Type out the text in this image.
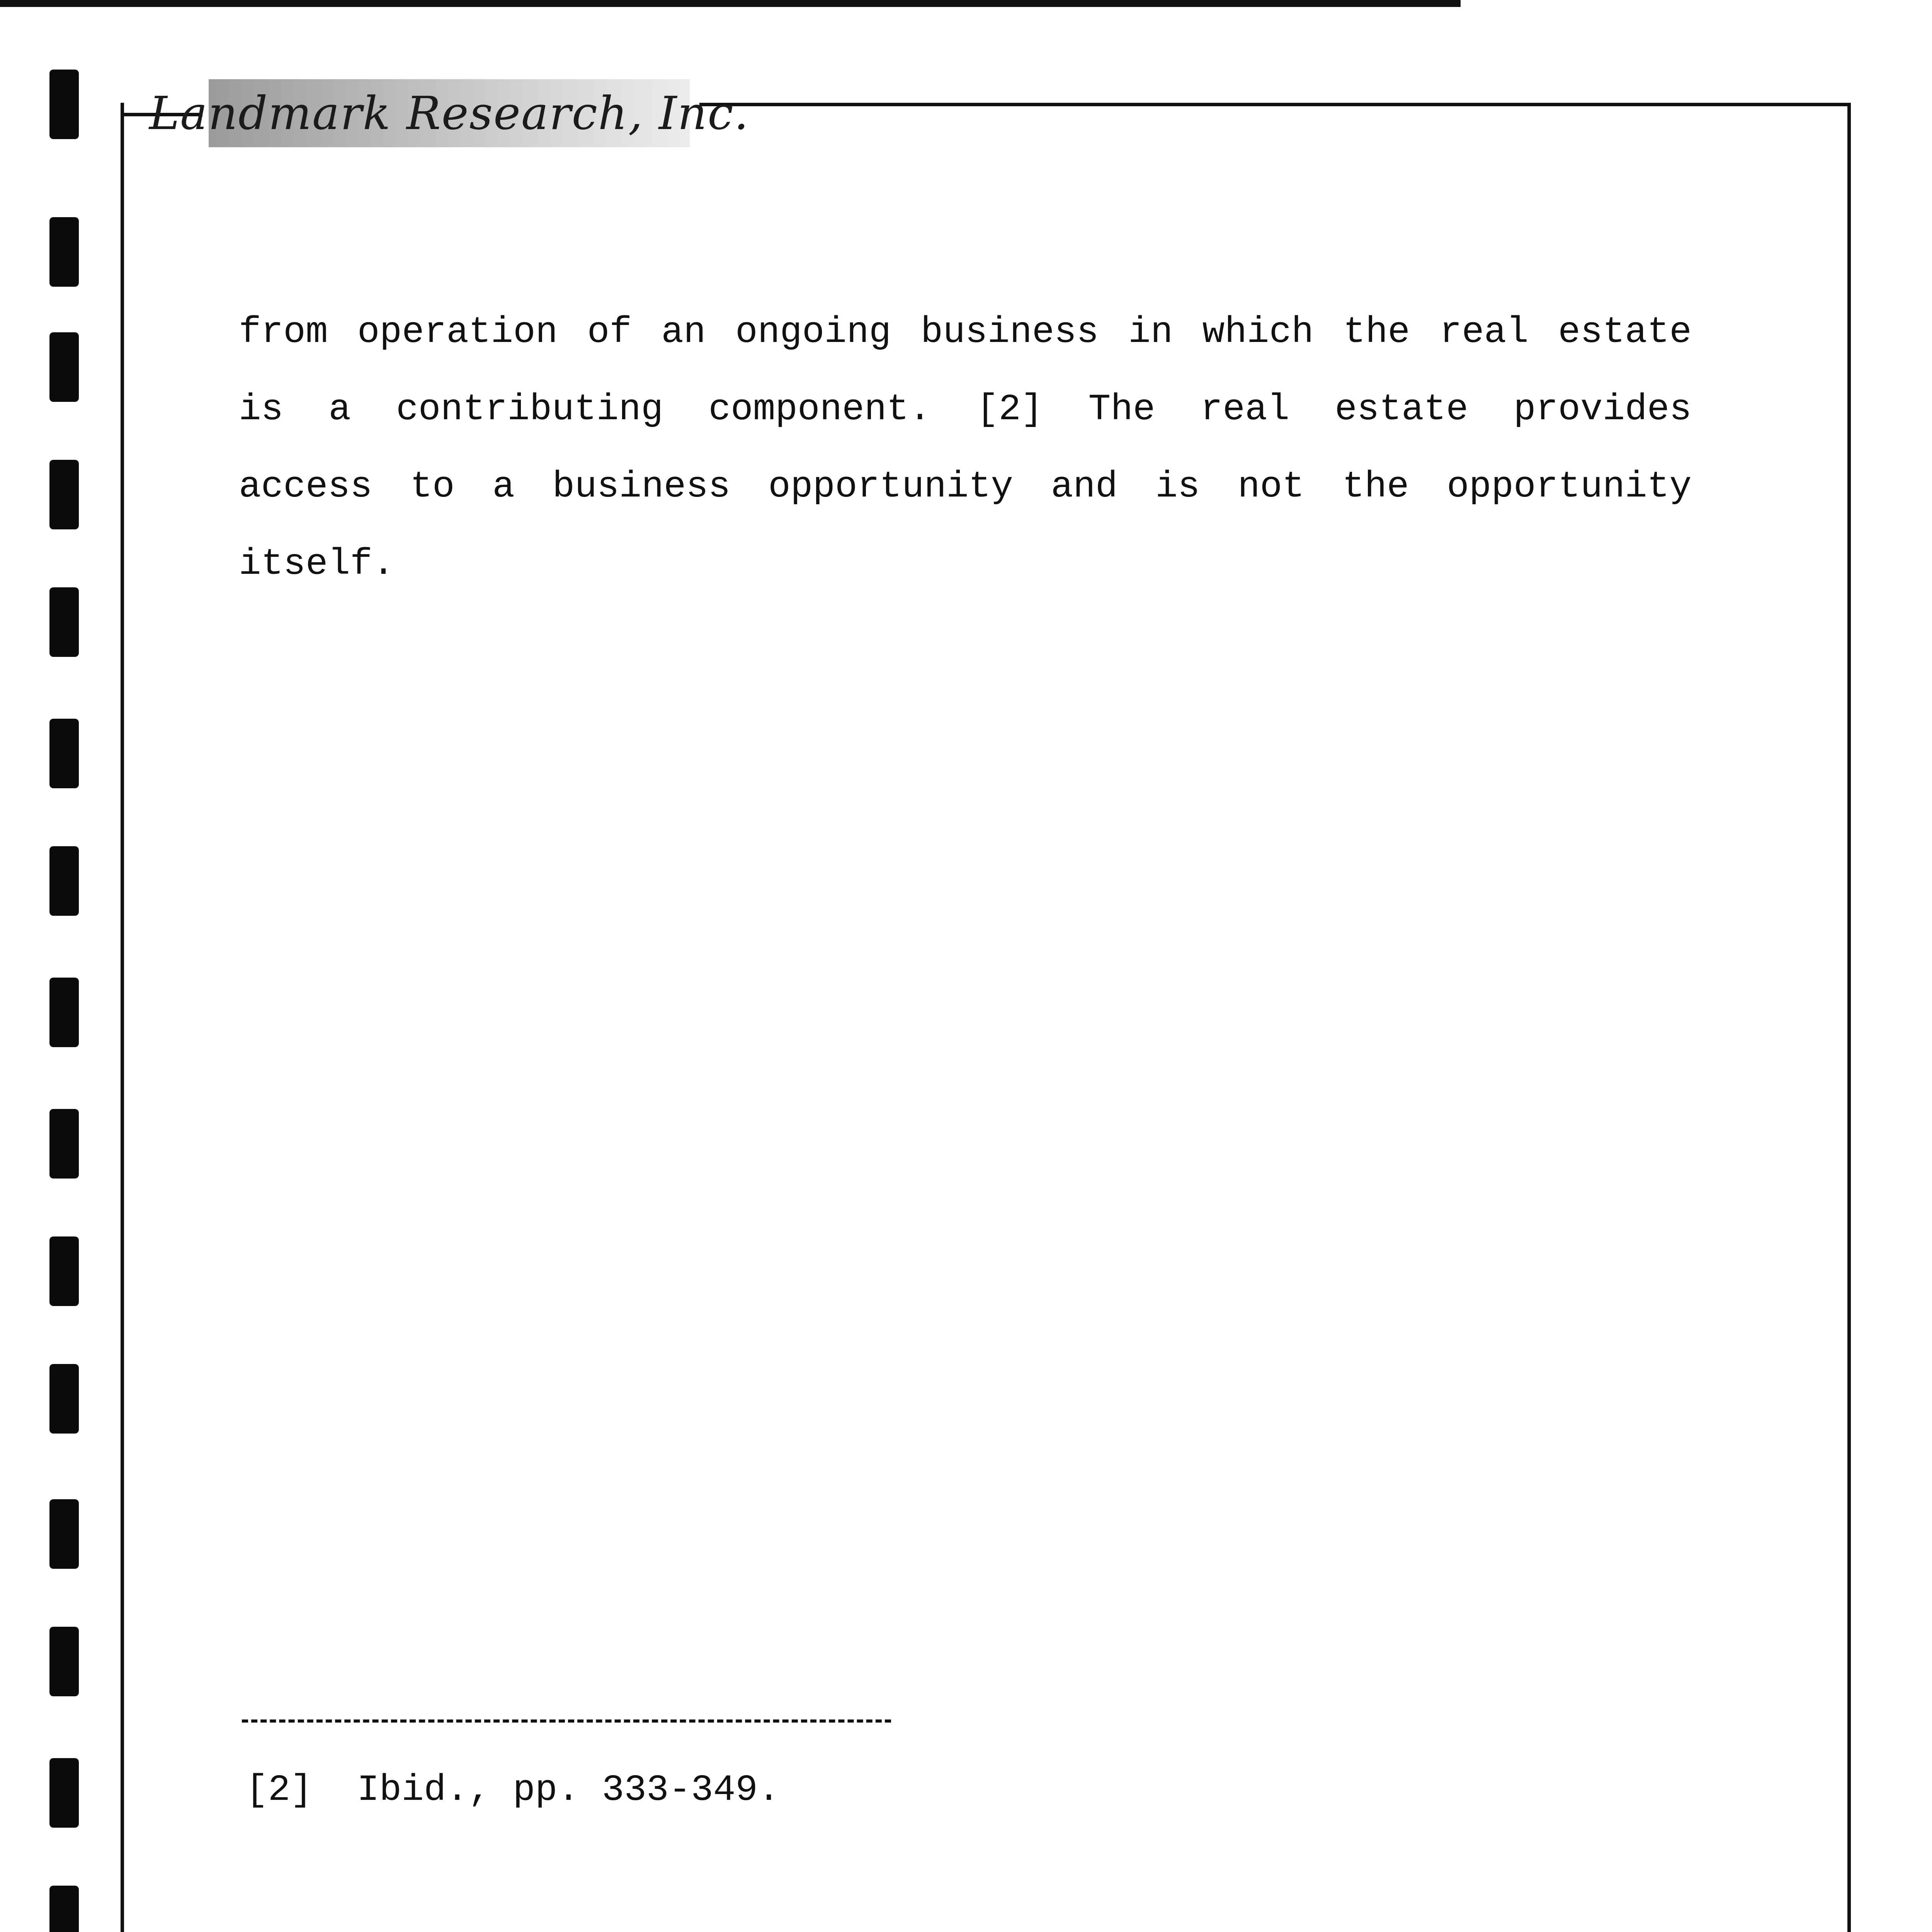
Landmark Research, Inc.
from operation of an ongoing business in which the real estate
is a contributing component. [2] The real estate provides
access to a business opportunity and is not the opportunity
itself.
[2]  Ibid., pp. 333-349.
